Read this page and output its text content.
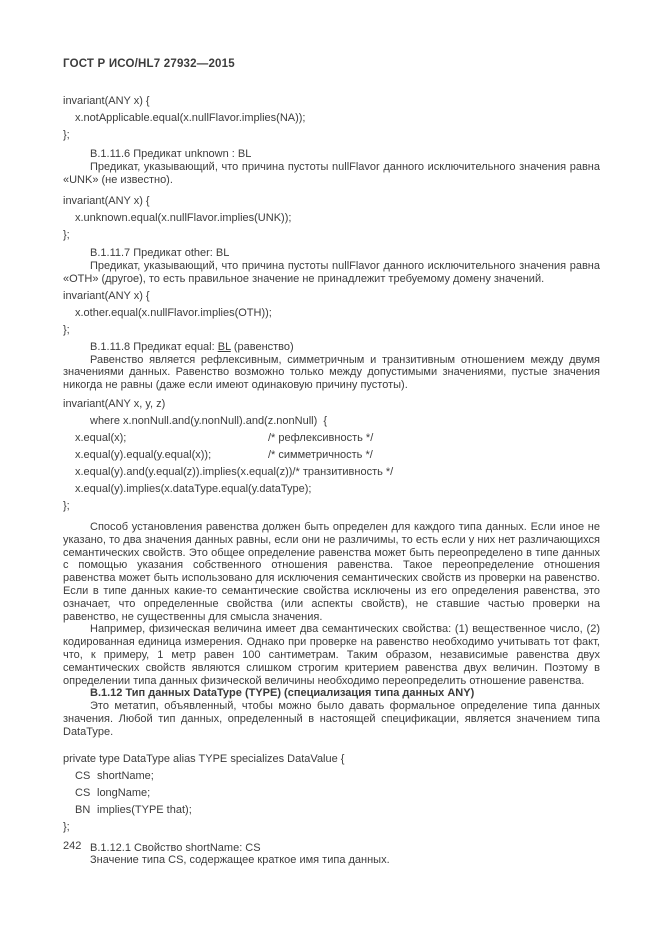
ГОСТ Р ИСО/HL7 27932—2015
invariant(ANY x) {
x.notApplicable.equal(x.nullFlavor.implies(NA));
};
В.1.11.6 Предикат unknown : BL

Предикат, указывающий, что причина пустоты nullFlavor данного исключительного значения равна «UNK» (не известно).

invariant(ANY x) {
x.unknown.equal(x.nullFlavor.implies(UNK));
};
В.1.11.7 Предикат other: BL

Предикат, указывающий, что причина пустоты nullFlavor данного исключительного значения равна «OTH» (другое), то есть правильное значение не принадлежит требуемому домену значений.

invariant(ANY x) {
x.other.equal(x.nullFlavor.implies(OTH));
};
В.1.11.8 Предикат equal: BL (равенство)

Равенство является рефлексивным, симметричным и транзитивным отношением между двумя значениями данных. Равенство возможно только между допустимыми значениями, пустые значения никогда не равны (даже если имеют одинаковую причину пустоты).

invariant(ANY x, y, z)
where x.nonNull.and(y.nonNull).and(z.nonNull)  {
x.equal(x);	/* рефлексивность */
x.equal(y).equal(y.equal(x));	/* симметричность */
x.equal(y).and(y.equal(z)).implies(x.equal(z))/* транзитивность */
x.equal(y).implies(x.dataType.equal(y.dataType);
};

Способ установления равенства должен быть определен для каждого типа данных. Если иное не указано, то два значения данных равны, если они не различимы, то есть если у них нет различающихся семантических свойств. Это общее определение равенства может быть переопределено в типе данных с помощью указания собственного отношения равенства. Такое переопределение отношения равенства может быть использовано для исключения семантических свойств из проверки на равенство. Если в типе данных какие-то семантические свойства исключены из его определения равенства, это означает, что определенные свойства (или аспекты свойств), не ставшие частью проверки на равенство, не существенны для смысла значения.

Например, физическая величина имеет два семантических свойства: (1) вещественное число, (2) кодированная единица измерения. Однако при проверке на равенство необходимо учитывать тот факт, что, к примеру, 1 метр равен 100 сантиметрам. Таким образом, независимые равенства двух семантических свойств являются слишком строгим критерием равенства двух величин. Поэтому в определении типа данных физической величины необходимо переопределить отношение равенства.

В.1.12 Тип данных DataType (TYPE) (специализация типа данных ANY)

Это метатип, объявленный, чтобы можно было давать формальное определение типа данных значения. Любой тип данных, определенный в настоящей спецификации, является значением типа DataType.

private type DataType alias TYPE specializes DataValue {
CS shortName;
CS longName;
BN implies(TYPE that);
};
В.1.12.1 Свойство shortName: CS

Значение типа CS, содержащее краткое имя типа данных.

242
